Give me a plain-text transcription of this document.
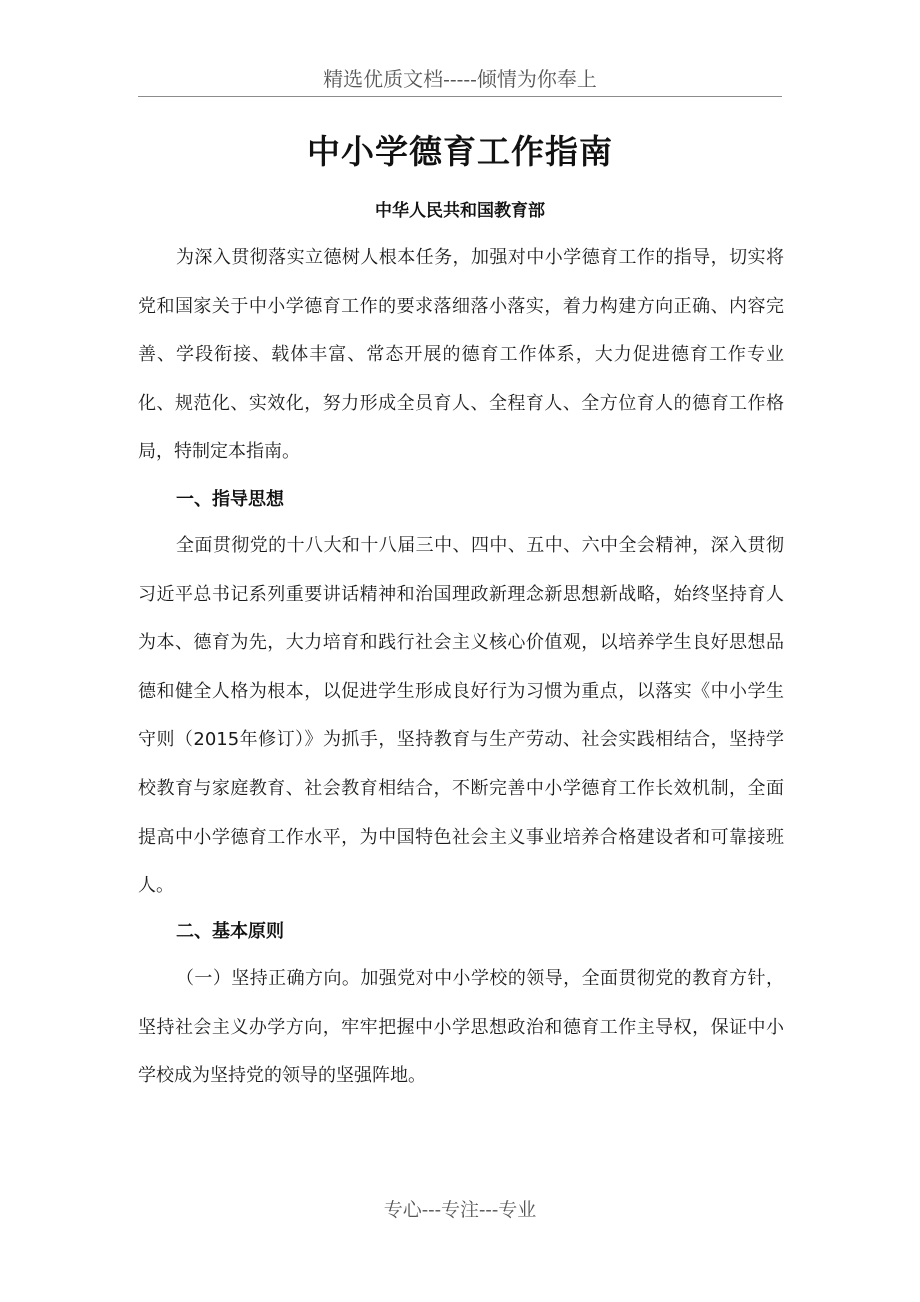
精选优质文档-----倾情为你奉上
中小学德育工作指南
中华人民共和国教育部

为深入贯彻落实立德树人根本任务，加强对中小学德育工作的指导，切实将党和国家关于中小学德育工作的要求落细落小落实，着力构建方向正确、内容完善、学段衔接、载体丰富、常态开展的德育工作体系，大力促进德育工作专业化、规范化、实效化，努力形成全员育人、全程育人、全方位育人的德育工作格局，特制定本指南。

一、指导思想

全面贯彻党的十八大和十八届三中、四中、五中、六中全会精神，深入贯彻习近平总书记系列重要讲话精神和治国理政新理念新思想新战略，始终坚持育人为本、德育为先，大力培育和践行社会主义核心价值观，以培养学生良好思想品德和健全人格为根本，以促进学生形成良好行为习惯为重点，以落实《中小学生守则（2015年修订）》为抓手，坚持教育与生产劳动、社会实践相结合，坚持学校教育与家庭教育、社会教育相结合，不断完善中小学德育工作长效机制，全面提高中小学德育工作水平，为中国特色社会主义事业培养合格建设者和可靠接班人。

二、基本原则

（一）坚持正确方向。加强党对中小学校的领导，全面贯彻党的教育方针，坚持社会主义办学方向，牢牢把握中小学思想政治和德育工作主导权，保证中小学校成为坚持党的领导的坚强阵地。

专心---专注---专业
